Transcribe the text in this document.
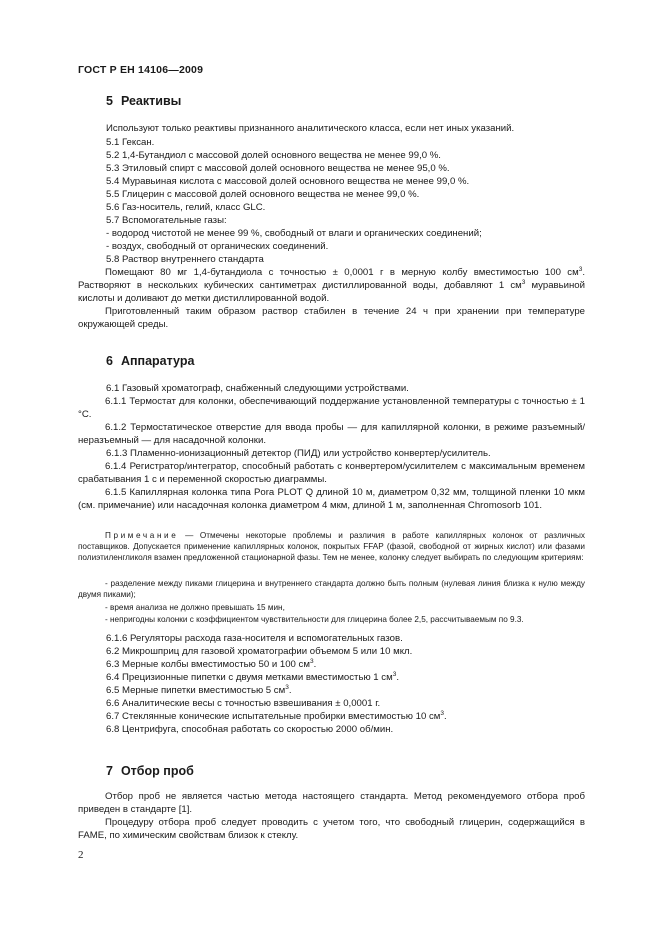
ГОСТ Р ЕН 14106—2009
5 Реактивы
Используют только реактивы признанного аналитического класса, если нет иных указаний.
5.1 Гексан.
5.2 1,4-Бутандиол с массовой долей основного вещества не менее 99,0 %.
5.3 Этиловый спирт с массовой долей основного вещества не менее 95,0 %.
5.4 Муравьиная кислота с массовой долей основного вещества не менее 99,0 %.
5.5 Глицерин с массовой долей основного вещества не менее 99,0 %.
5.6 Газ-носитель, гелий, класс GLC.
5.7 Вспомогательные газы:
- водород чистотой не менее 99 %, свободный от влаги и органических соединений;
- воздух, свободный от органических соединений.
5.8 Раствор внутреннего стандарта
Помещают 80 мг 1,4-бутандиола с точностью ± 0,0001 г в мерную колбу вместимостью 100 $см^3$. Растворяют в нескольких кубических сантиметрах дистиллированной воды, добавляют 1 $см^3$ муравьиной кислоты и доливают до метки дистиллированной водой.
Приготовленный таким образом раствор стабилен в течение 24 ч при хранении при температуре окружающей среды.
6 Аппаратура
6.1 Газовый хроматограф, снабженный следующими устройствами.
6.1.1 Термостат для колонки, обеспечивающий поддержание установленной температуры с точностью ± 1 °С.
6.1.2 Термостатическое отверстие для ввода пробы — для капиллярной колонки, в режиме разъемный/неразъемный — для насадочной колонки.
6.1.3 Пламенно-ионизационный детектор (ПИД) или устройство конвертер/усилитель.
6.1.4 Регистратор/интегратор, способный работать с конвертером/усилителем с максимальным временем срабатывания 1 с и переменной скоростью диаграммы.
6.1.5 Капиллярная колонка типа Pora PLOT Q длиной 10 м, диаметром 0,32 мм, толщиной пленки 10 мкм (см. примечание) или насадочная колонка диаметром 4 мкм, длиной 1 м, заполненная Chromosorb 101.
Примечание — Отмечены некоторые проблемы и различия в работе капиллярных колонок от различных поставщиков. Допускается применение капиллярных колонок, покрытых FFAP (фазой, свободной от жирных кислот) или фазами полиэтиленгликоля взамен предложенной стационарной фазы. Тем не менее, колонку следует выбирать по следующим критериям:
- разделение между пиками глицерина и внутреннего стандарта должно быть полным (нулевая линия близка к нулю между двумя пиками);
- время анализа не должно превышать 15 мин,
- непригодны колонки с коэффициентом чувствительности для глицерина более 2,5, рассчитываемым по 9.3.
6.1.6 Регуляторы расхода газа-носителя и вспомогательных газов.
6.2 Микрошприц для газовой хроматографии объемом 5 или 10 мкл.
6.3 Мерные колбы вместимостью 50 и 100 $см^3$.
6.4 Прецизионные пипетки с двумя метками вместимостью 1 $см^3$.
6.5 Мерные пипетки вместимостью 5 $см^3$.
6.6 Аналитические весы с точностью взвешивания ± 0,0001 г.
6.7 Стеклянные конические испытательные пробирки вместимостью 10 $см^3$.
6.8 Центрифуга, способная работать со скоростью 2000 об/мин.
7 Отбор проб
Отбор проб не является частью метода настоящего стандарта. Метод рекомендуемого отбора проб приведен в стандарте [1].
Процедуру отбора проб следует проводить с учетом того, что свободный глицерин, содержащийся в FAME, по химическим свойствам близок к стеклу.
2
